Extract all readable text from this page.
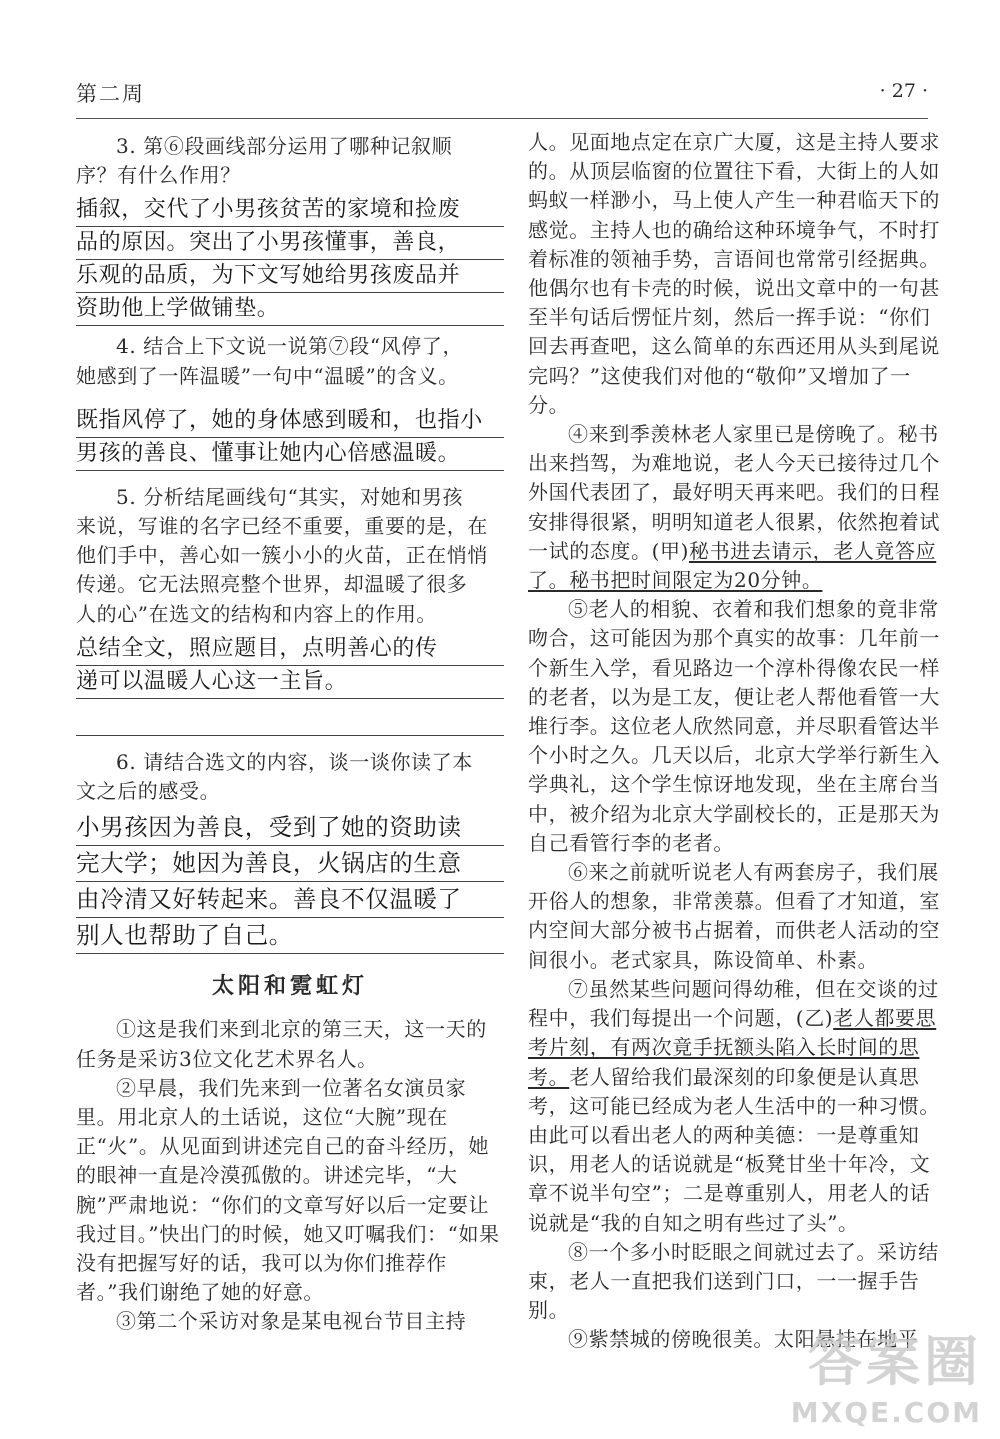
第二周	· 27 ·

3. 第⑥段画线部分运用了哪种记叙顺

序？有什么作用？

插叙，交代了小男孩贫苦的家境和捡废
品的原因。突出了小男孩懂事，善良，
乐观的品质，为下文写她给男孩废品并
资助他上学做铺垫。

4. 结合上下文说一说第⑦段“风停了，

她感到了一阵温暖”一句中“温暖”的含义。

既指风停了，她的身体感到暖和，也指小
男孩的善良、懂事让她内心倍感温暖。

5. 分析结尾画线句“其实，对她和男孩

来说，写谁的名字已经不重要，重要的是，在

他们手中，善心如一簇小小的火苗，正在悄悄

传递。它无法照亮整个世界，却温暖了很多

人的心”在选文的结构和内容上的作用。

总结全文，照应题目，点明善心的传
递可以温暖人心这一主旨。

6. 请结合选文的内容，谈一谈你读了本

文之后的感受。

小男孩因为善良，受到了她的资助读
完大学；她因为善良，火锅店的生意
由冷清又好转起来。善良不仅温暖了
别人也帮助了自己。
太阳和霓虹灯

①这是我们来到北京的第三天，这一天的任务是采访3位文化艺术界名人。

②早晨，我们先来到一位著名女演员家里。用北京人的土话说，这位“大腕”现在正“火”。从见面到讲述完自己的奋斗经历，她的眼神一直是冷漠孤傲的。讲述完毕，“大腕”严肃地说：“你们的文章写好以后一定要让我过目。”快出门的时候，她又叮嘱我们：“如果没有把握写好的话，我可以为你们推荐作者。”我们谢绝了她的好意。

③第二个采访对象是某电视台节目主持

人。见面地点定在京广大厦，这是主持人要求的。从顶层临窗的位置往下看，大街上的人如蚂蚁一样渺小，马上使人产生一种君临天下的感觉。主持人也的确给这种环境争气，不时打着标准的领袖手势，言语间也常常引经据典。他偶尔也有卡壳的时候，说出文章中的一句甚至半句话后愣怔片刻，然后一挥手说：“你们回去再查吧，这么简单的东西还用从头到尾说完吗？”这使我们对他的“敬仰”又增加了一分。

④来到季羡林老人家里已是傍晚了。秘书出来挡驾，为难地说，老人今天已接待过几个外国代表团了，最好明天再来吧。我们的日程安排得很紧，明明知道老人很累，依然抱着试一试的态度。(甲)秘书进去请示，老人竟答应了。秘书把时间限定为20分钟。

⑤老人的相貌、衣着和我们想象的竟非常吻合，这可能因为那个真实的故事：几年前一个新生入学，看见路边一个淳朴得像农民一样的老者，以为是工友，便让老人帮他看管一大堆行李。这位老人欣然同意，并尽职看管达半个小时之久。几天以后，北京大学举行新生入学典礼，这个学生惊讶地发现，坐在主席台当中，被介绍为北京大学副校长的，正是那天为自己看管行李的老者。

⑥来之前就听说老人有两套房子，我们展开俗人的想象，非常羡慕。但看了才知道，室内空间大部分被书占据着，而供老人活动的空间很小。老式家具，陈设简单、朴素。

⑦虽然某些问题问得幼稚，但在交谈的过程中，我们每提出一个问题，(乙)老人都要思考片刻，有两次竟手抚额头陷入长时间的思考。老人留给我们最深刻的印象便是认真思考，这可能已经成为老人生活中的一种习惯。由此可以看出老人的两种美德：一是尊重知识，用老人的话说就是“板凳甘坐十年冷，文章不说半句空”；二是尊重别人，用老人的话说就是“我的自知之明有些过了头”。

⑧一个多小时眨眼之间就过去了。采访结束，老人一直把我们送到门口，一一握手告别。

⑨紫禁城的傍晚很美。太阳悬挂在地平

答案圈
MXQE.COM
